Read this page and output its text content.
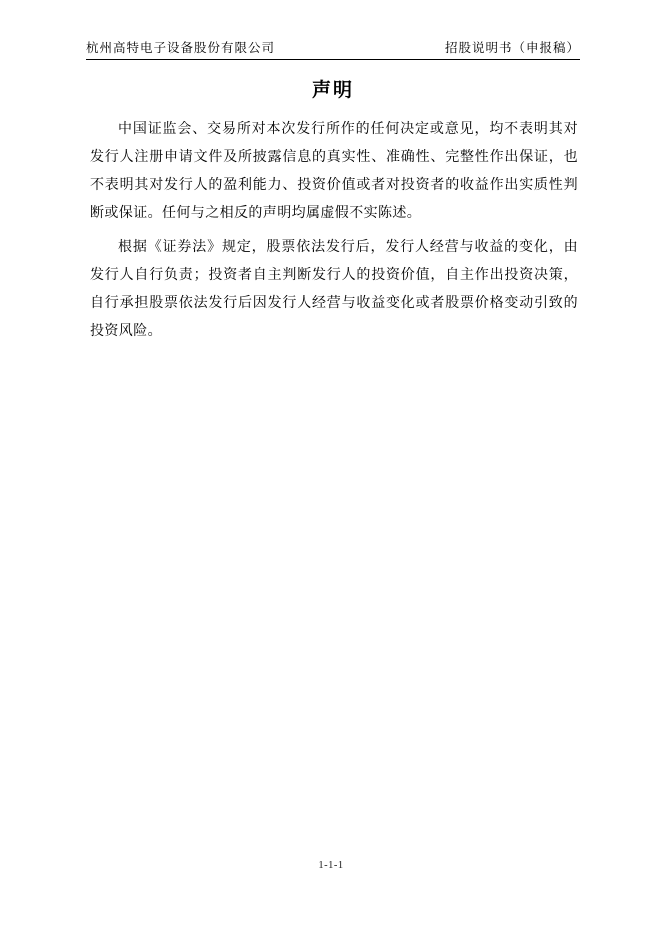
杭州高特电子设备股份有限公司	招股说明书（申报稿）
声明

中国证监会、交易所对本次发行所作的任何决定或意见，均不表明其对发行人注册申请文件及所披露信息的真实性、准确性、完整性作出保证，也不表明其对发行人的盈利能力、投资价值或者对投资者的收益作出实质性判断或保证。任何与之相反的声明均属虚假不实陈述。

根据《证券法》规定，股票依法发行后，发行人经营与收益的变化，由发行人自行负责；投资者自主判断发行人的投资价值，自主作出投资决策，自行承担股票依法发行后因发行人经营与收益变化或者股票价格变动引致的投资风险。

1-1-1
